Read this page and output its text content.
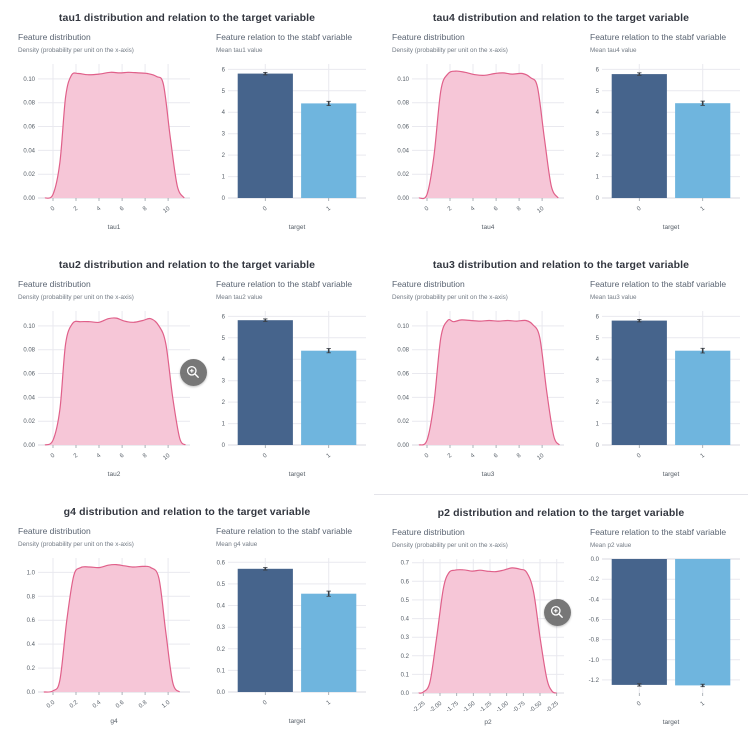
tau1 distribution and relation to the target variable
Feature distribution
Density (probability per unit on the x-axis)
0.00
0.02
0.04
0.06
0.08
0.10
0	2	4	6	8 10
tau1
Feature relation to the stabf variable
Mean tau1 value
0
1
2
3
4
5
6
0	1
target
tau4 distribution and relation to the target variable
Feature distribution
Density (probability per unit on the x-axis)
0.00
0.02
0.04
0.06
0.08
0.10
0	2	4	6	8 10
tau4
Feature relation to the stabf variable
Mean tau4 value
0
1
2
3
4
5
6
0	1
target
tau2 distribution and relation to the target variable
Feature distribution
Density (probability per unit on the x-axis)
0.00
0.02
0.04
0.06
0.08
0.10
0	2	4	6	8 10
tau2
Feature relation to the stabf variable
Mean tau2 value
0
1
2
3
4
5
6
0	1
target
tau3 distribution and relation to the target variable
Feature distribution
Density (probability per unit on the x-axis)
0.00
0.02
0.04
0.06
0.08
0.10
0	2	4	6	8 10
tau3
Feature relation to the stabf variable
Mean tau3 value
0
1
2
3
4
5
6
0	1
target
g4 distribution and relation to the target variable
Feature distribution
Density (probability per unit on the x-axis)
0.0
0.2
0.4
0.6
0.8
1.0
0.0 0.2 0.4 0.6 0.8 1.0
g4
Feature relation to the stabf variable
Mean g4 value
0.0
0.1
0.2
0.3
0.4
0.5
0.6
0	1
target
p2 distribution and relation to the target variable
Feature distribution
Density (probability per unit on the x-axis)
0.0
0.1
0.2
0.3
0.4
0.5
0.6
0.7
-2.25 -2.00 -1.75 -1.50 -1.25 -1.00 -0.75 -0.50 -0.25
p2
Feature relation to the stabf variable
Mean p2 value
0.0
-0.2
-0.4
-0.6
-0.8
-1.0
-1.2
0	1
target
